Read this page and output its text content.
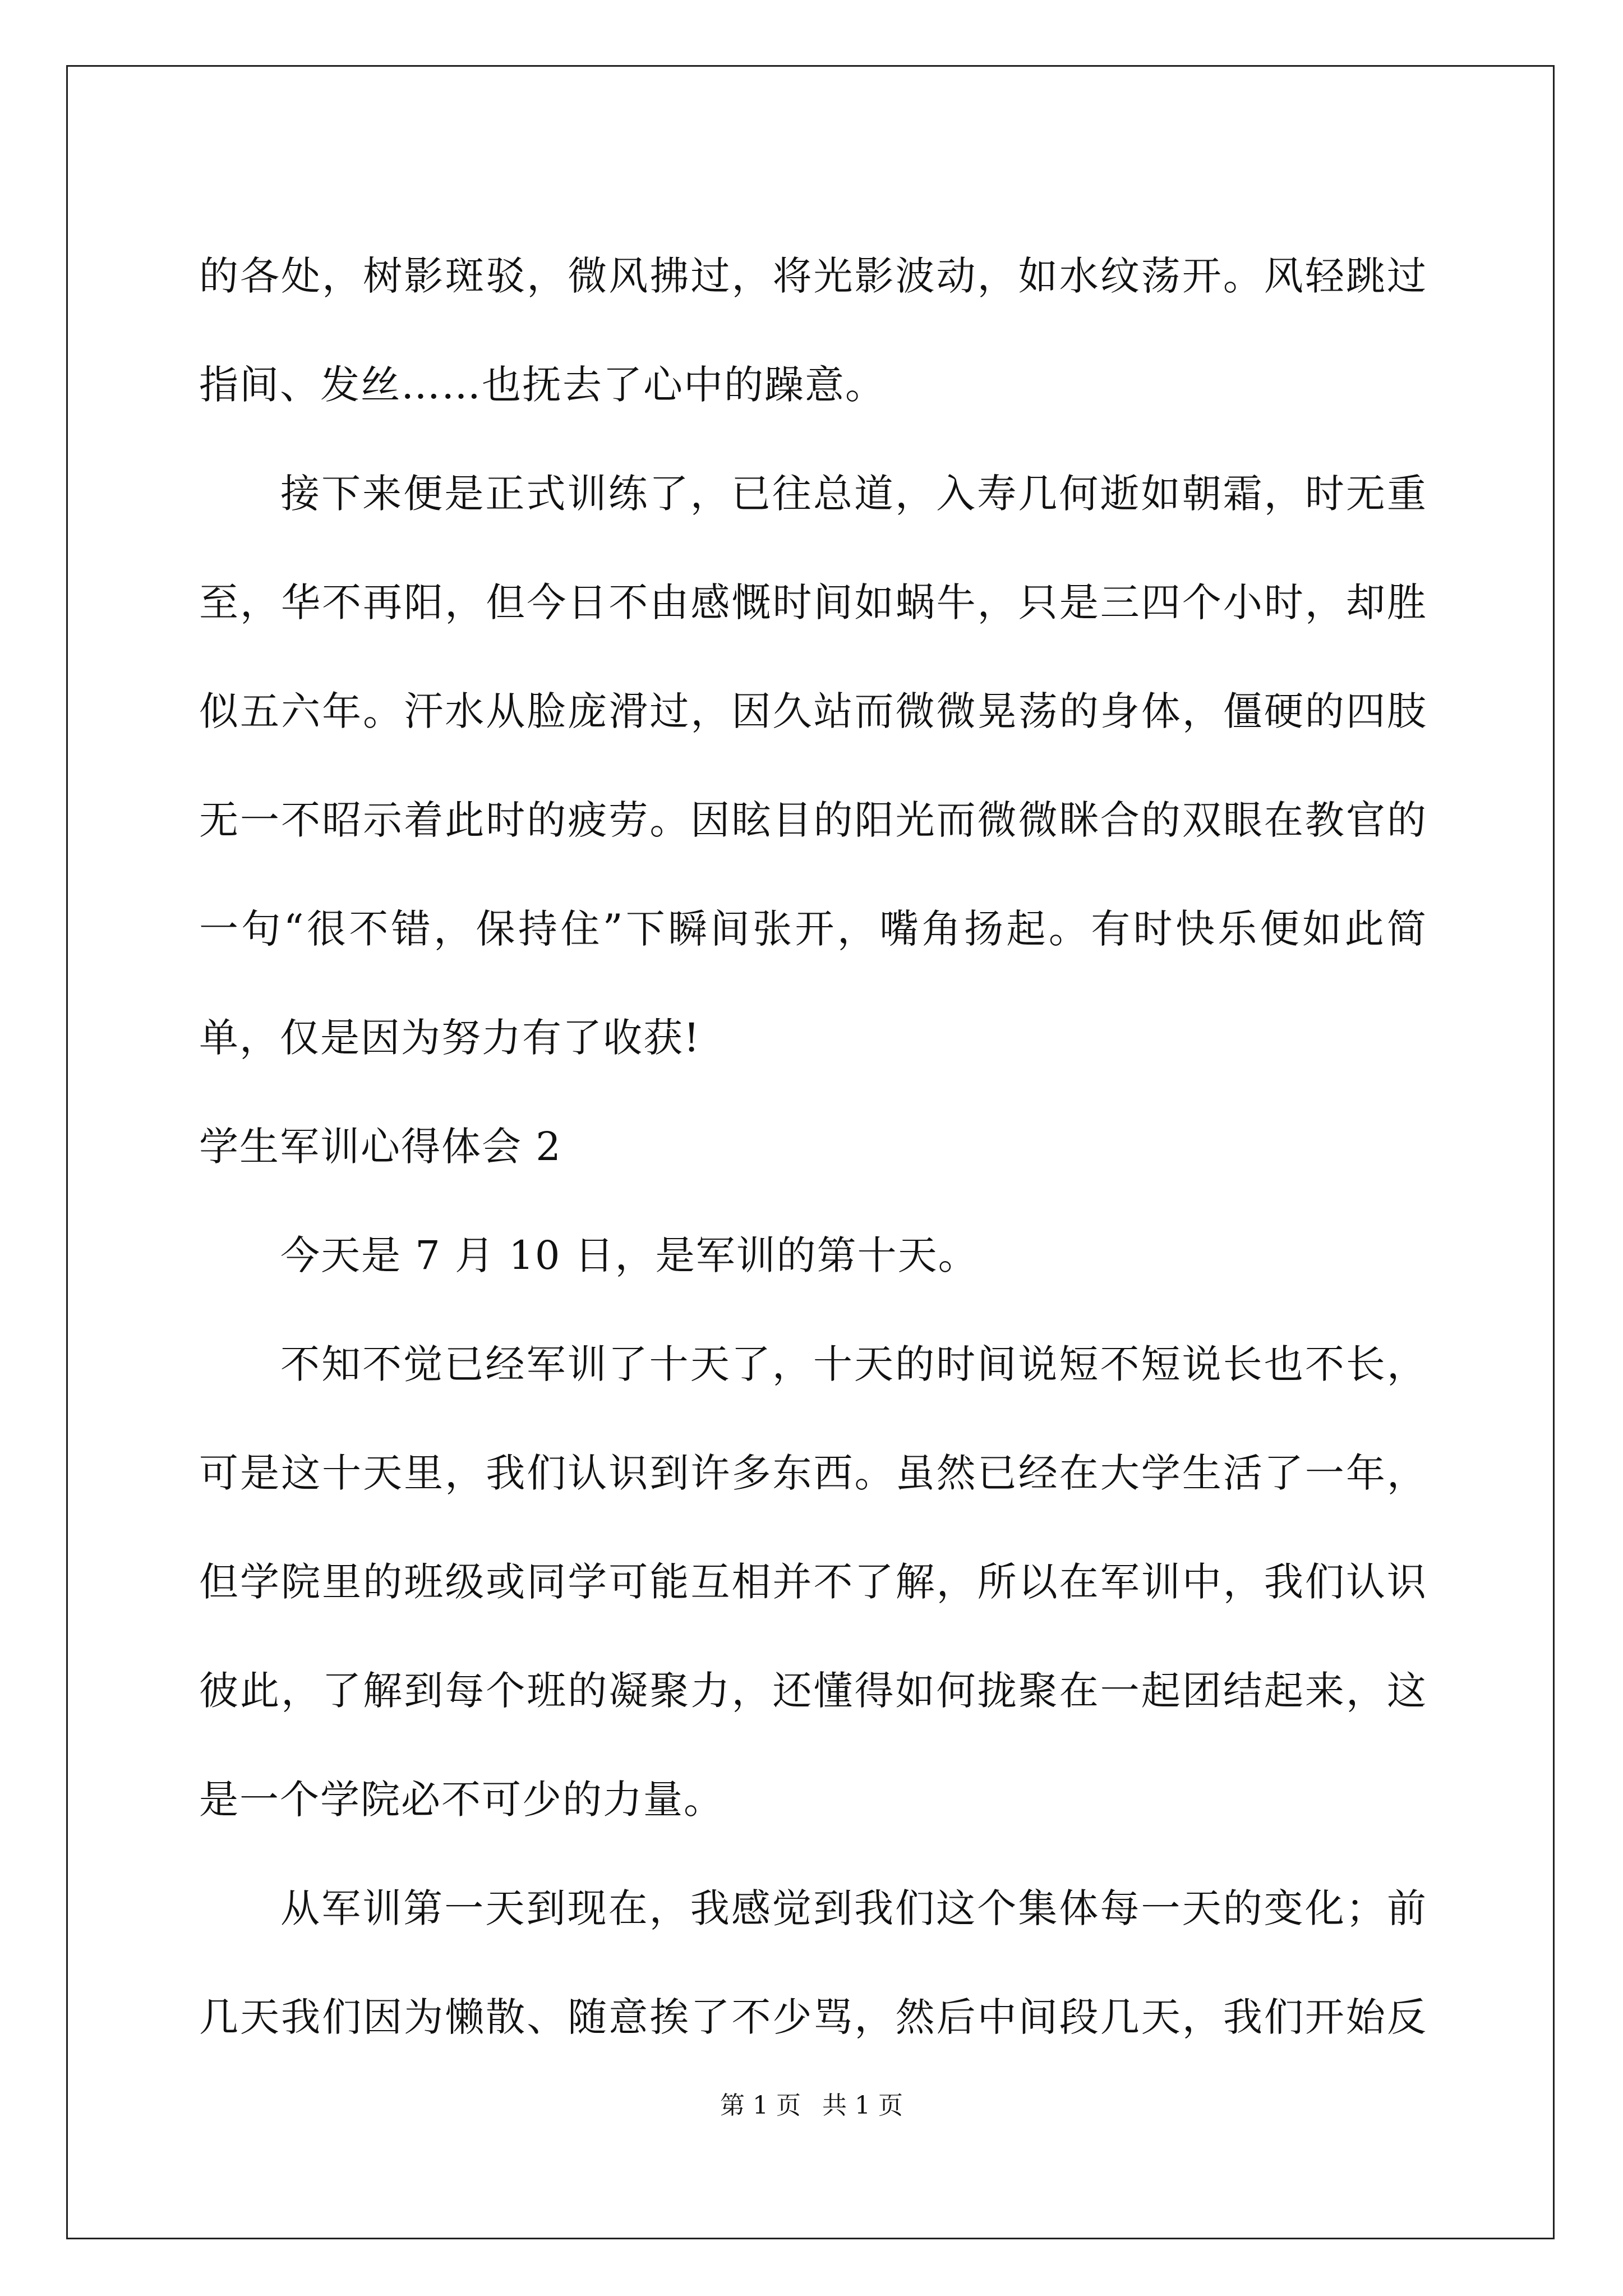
的各处，树影斑驳，微风拂过，将光影波动，如水纹荡开。风轻跳过
指间、发丝……也抚去了心中的躁意。
接下来便是正式训练了，已往总道，入寿几何逝如朝霜，时无重
至，华不再阳，但今日不由感慨时间如蜗牛，只是三四个小时，却胜
似五六年。汗水从脸庞滑过，因久站而微微晃荡的身体，僵硬的四肢
无一不昭示着此时的疲劳。因眩目的阳光而微微眯合的双眼在教官的
一句“很不错，保持住”下瞬间张开，嘴角扬起。有时快乐便如此简
单，仅是因为努力有了收获!
学生军训心得体会 2
今天是 7 月 10 日，是军训的第十天。
不知不觉已经军训了十天了，十天的时间说短不短说长也不长，
可是这十天里，我们认识到许多东西。虽然已经在大学生活了一年，
但学院里的班级或同学可能互相并不了解，所以在军训中，我们认识
彼此，了解到每个班的凝聚力，还懂得如何拢聚在一起团结起来，这
是一个学院必不可少的力量。
从军训第一天到现在，我感觉到我们这个集体每一天的变化；前
几天我们因为懒散、随意挨了不少骂，然后中间段几天，我们开始反
第 1 页 共 1 页
